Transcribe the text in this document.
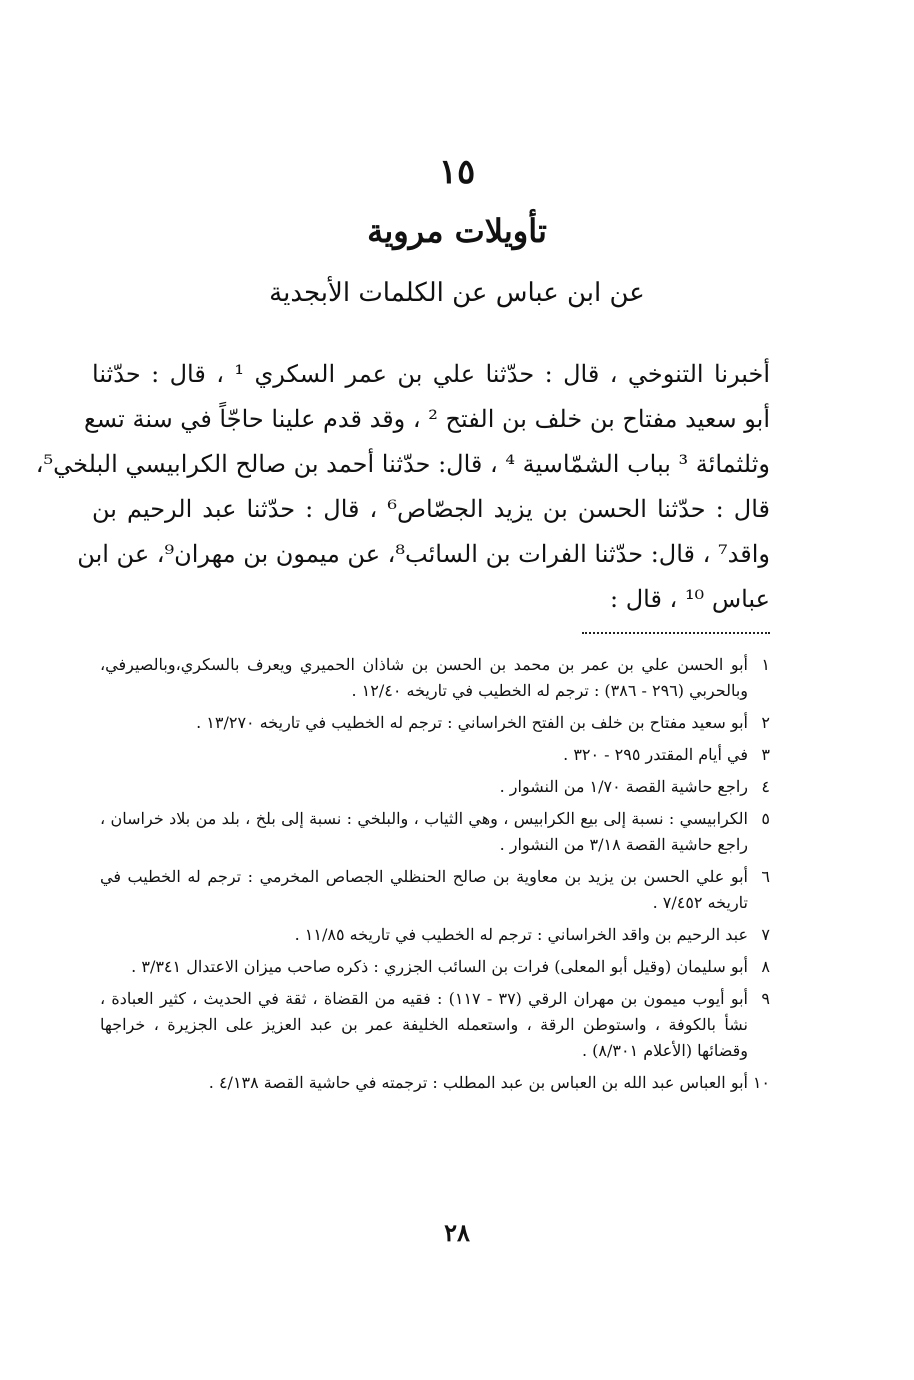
١٥
تأويلات مروية
عن ابن عباس عن الكلمات الأبجدية
أخبرنا التنوخي ، قال : حدّثنا علي بن عمر السكري ¹ ، قال : حدّثنا
أبو سعيد مفتاح بن خلف بن الفتح ² ، وقد قدم علينا حاجّاً في سنة تسع
وثلثمائة ³ بباب الشمّاسية ⁴ ، قال: حدّثنا أحمد بن صالح الكرابيسي البلخي⁵،
قال : حدّثنا الحسن بن يزيد الجصّاص⁶ ، قال : حدّثنا عبد الرحيم بن
واقد⁷ ، قال: حدّثنا الفرات بن السائب⁸، عن ميمون بن مهران⁹، عن ابن
عباس ¹⁰ ، قال :
١
أبو الحسن علي بن عمر بن محمد بن الحسن بن شاذان الحميري ويعرف بالسكري،وبالصيرفي، وبالحربي (٢٩٦ - ٣٨٦) : ترجم له الخطيب في تاريخه ١٢/٤٠ .
٢
أبو سعيد مفتاح بن خلف بن الفتح الخراساني : ترجم له الخطيب في تاريخه ١٣/٢٧٠ .
٣
في أيام المقتدر ٢٩٥ - ٣٢٠ .
٤
راجع حاشية القصة ١/٧٠ من النشوار .
٥
الكرابيسي : نسبة إلى بيع الكرابيس ، وهي الثياب ، والبلخي : نسبة إلى بلخ ، بلد من بلاد خراسان ، راجع حاشية القصة ٣/١٨ من النشوار .
٦
أبو علي الحسن بن يزيد بن معاوية بن صالح الحنظلي الجصاص المخرمي : ترجم له الخطيب في تاريخه ٧/٤٥٢ .
٧
عبد الرحيم بن واقد الخراساني : ترجم له الخطيب في تاريخه ١١/٨٥ .
٨
أبو سليمان (وقيل أبو المعلى) فرات بن السائب الجزري : ذكره صاحب ميزان الاعتدال ٣/٣٤١ .
٩
أبو أيوب ميمون بن مهران الرقي (٣٧ - ١١٧) : فقيه من القضاة ، ثقة في الحديث ، كثير العبادة ، نشأ بالكوفة ، واستوطن الرقة ، واستعمله الخليفة عمر بن عبد العزيز على الجزيرة ، خراجها وقضائها (الأعلام ٨/٣٠١) .
١٠
أبو العباس عبد الله بن العباس بن عبد المطلب : ترجمته في حاشية القصة ٤/١٣٨ .
٢٨
